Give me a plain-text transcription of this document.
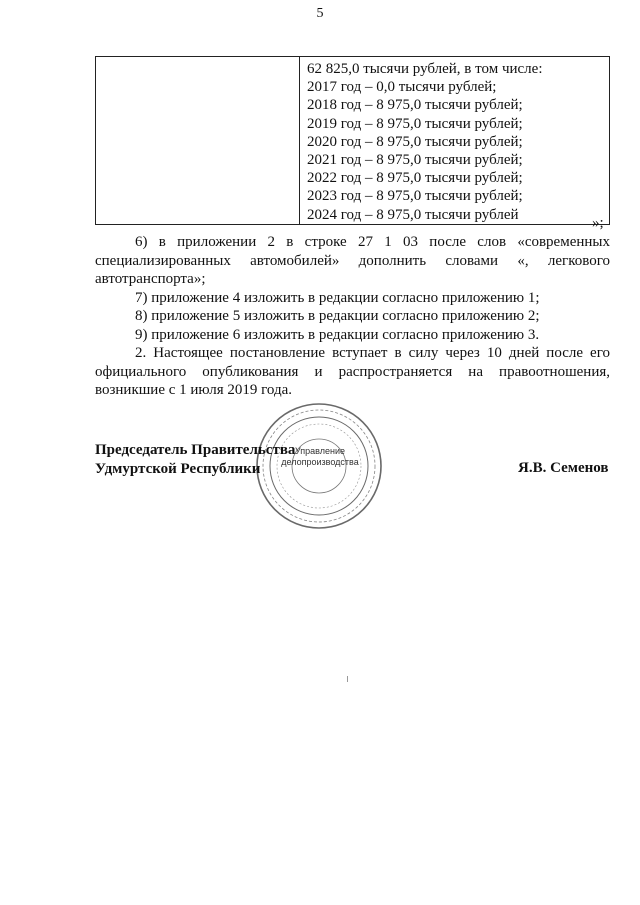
5

62 825,0 тысячи рублей, в том числе:
2017 год – 0,0 тысячи рублей;
2018 год – 8 975,0 тысячи рублей;
2019 год – 8 975,0 тысячи рублей;
2020 год – 8 975,0 тысячи рублей;
2021 год – 8 975,0 тысячи рублей;
2022 год – 8 975,0 тысячи рублей;
2023 год – 8 975,0 тысячи рублей;
2024 год – 8 975,0 тысячи рублей
»;
6) в приложении 2 в строке 27 1 03 после слов «современных
специализированных автомобилей» дополнить словами «, легкового
автотранспорта»;
7) приложение 4 изложить в редакции согласно приложению 1;
8) приложение 5 изложить в редакции согласно приложению 2;
9) приложение 6 изложить в редакции согласно приложению 3.
2. Настоящее постановление вступает в силу через 10 дней после его
официального опубликования и распространяется на правоотношения,
возникшие с 1 июля 2019 года.
Управление
делопроизводства
Председатель Правительства
Удмуртской Республики	Я.В. Семенов
